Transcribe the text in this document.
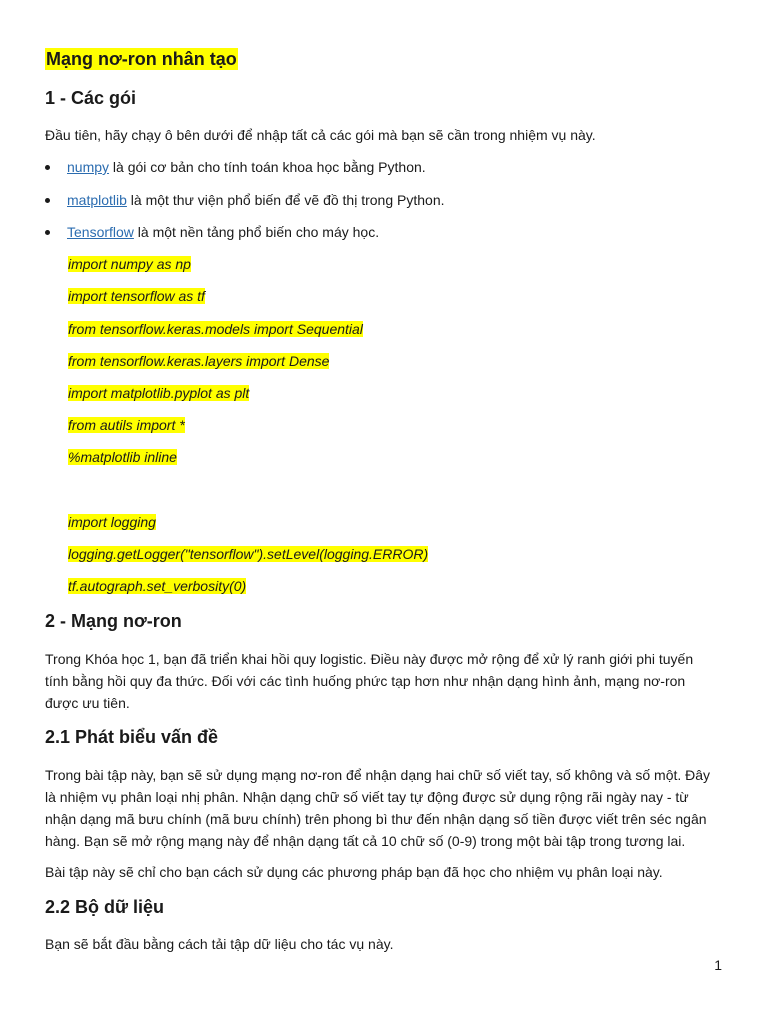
Mạng nơ-ron nhân tạo
1 - Các gói

Đầu tiên, hãy chạy ô bên dưới để nhập tất cả các gói mà bạn sẽ cần trong nhiệm vụ này.

numpy là gói cơ bản cho tính toán khoa học bằng Python.
matplotlib là một thư viện phổ biến để vẽ đồ thị trong Python.
Tensorflow là một nền tảng phổ biến cho máy học.
import numpy as np
import tensorflow as tf
from tensorflow.keras.models import Sequential
from tensorflow.keras.layers import Dense
import matplotlib.pyplot as plt
from autils import *
%matplotlib inline
import logging
logging.getLogger("tensorflow").setLevel(logging.ERROR)
tf.autograph.set_verbosity(0)
2 - Mạng nơ-ron

Trong Khóa học 1, bạn đã triển khai hồi quy logistic. Điều này được mở rộng để xử lý ranh giới phi tuyến

tính bằng hồi quy đa thức. Đối với các tình huống phức tạp hơn như nhận dạng hình ảnh, mạng nơ-ron

được ưu tiên.

2.1 Phát biểu vấn đề

Trong bài tập này, bạn sẽ sử dụng mạng nơ-ron để nhận dạng hai chữ số viết tay, số không và số một. Đây

là nhiệm vụ phân loại nhị phân. Nhận dạng chữ số viết tay tự động được sử dụng rộng rãi ngày nay - từ

nhận dạng mã bưu chính (mã bưu chính) trên phong bì thư đến nhận dạng số tiền được viết trên séc ngân

hàng. Bạn sẽ mở rộng mạng này để nhận dạng tất cả 10 chữ số (0-9) trong một bài tập trong tương lai.

Bài tập này sẽ chỉ cho bạn cách sử dụng các phương pháp bạn đã học cho nhiệm vụ phân loại này.

2.2 Bộ dữ liệu

Bạn sẽ bắt đầu bằng cách tải tập dữ liệu cho tác vụ này.

1
